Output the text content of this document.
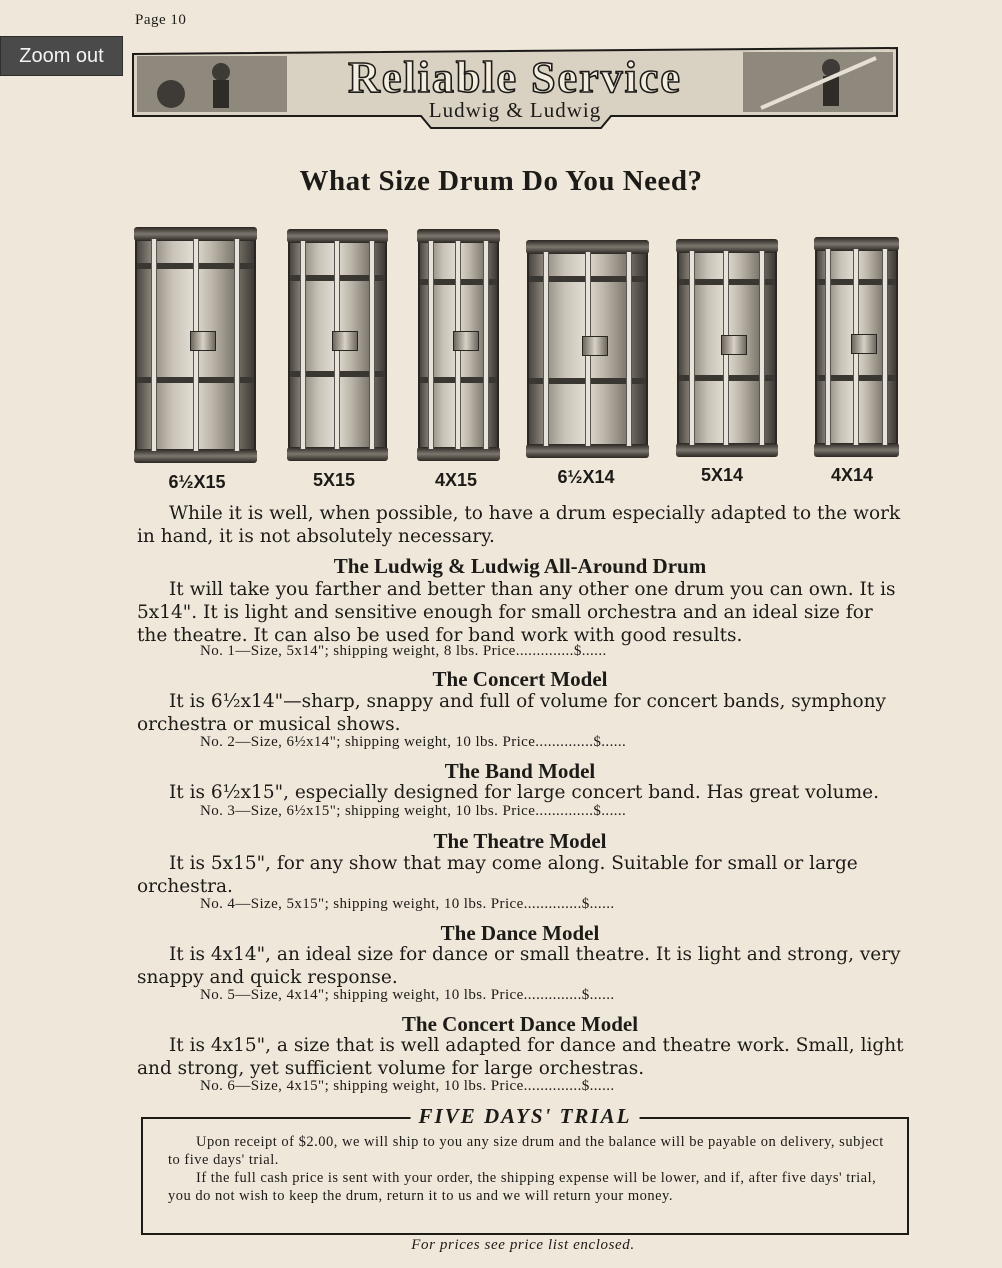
Page 10
Zoom out	Reliable Service
Ludwig & Ludwig
What Size Drum Do You Need?
6½X15	5X15	4X15	6½X14	5X14	4X14
While it is well, when possible, to have a drum especially adapted to the work in hand, it is not absolutely necessary.
The Ludwig & Ludwig All-Around Drum
It will take you farther and better than any other one drum you can own. It is 5x14". It is light and sensitive enough for small orchestra and an ideal size for the theatre. It can also be used for band work with good results.
No. 1—Size, 5x14"; shipping weight, 8 lbs. Price..............$......
The Concert Model
It is 6½x14"—sharp, snappy and full of volume for concert bands, symphony orchestra or musical shows.
No. 2—Size, 6½x14"; shipping weight, 10 lbs. Price..............$......
The Band Model
It is 6½x15", especially designed for large concert band. Has great volume.
No. 3—Size, 6½x15"; shipping weight, 10 lbs. Price..............$......
The Theatre Model
It is 5x15", for any show that may come along. Suitable for small or large orchestra.
No. 4—Size, 5x15"; shipping weight, 10 lbs. Price..............$......
The Dance Model
It is 4x14", an ideal size for dance or small theatre. It is light and strong, very snappy and quick response.
No. 5—Size, 4x14"; shipping weight, 10 lbs. Price..............$......
The Concert Dance Model
It is 4x15", a size that is well adapted for dance and theatre work. Small, light and strong, yet sufficient volume for large orchestras.
No. 6—Size, 4x15"; shipping weight, 10 lbs. Price..............$......
FIVE DAYS' TRIAL
Upon receipt of $2.00, we will ship to you any size drum and the balance will be payable on delivery, subject to five days' trial.
If the full cash price is sent with your order, the shipping expense will be lower, and if, after five days' trial, you do not wish to keep the drum, return it to us and we will return your money.
For prices see price list enclosed.
